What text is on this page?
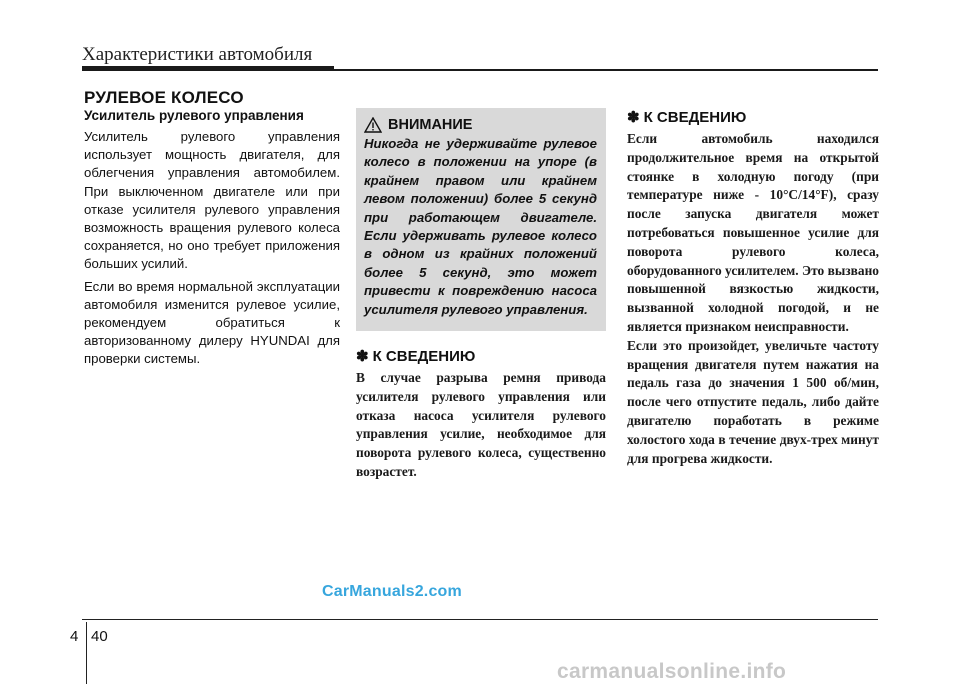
Характеристики автомобиля
РУЛЕВОЕ КОЛЕСО

Усилитель рулевого управления

Усилитель рулевого управления использует мощность двигателя, для облегчения управления автомобилем. При выключенном двигателе или при отказе усилителя рулевого управления возможность вращения рулевого колеса сохраняется, но оно требует приложения больших усилий.

Если во время нормальной эксплуатации автомобиля изменится рулевое усилие, рекомендуем обратиться к авторизованному дилеру HYUNDAI для проверки системы.

ВНИМАНИЕ

Никогда не удерживайте рулевое колесо в положении на упоре (в крайнем правом или крайнем левом положении) более 5 секунд при работающем двигателе. Если удерживать рулевое колесо в одном из крайних положений более 5 секунд, это может привести к повреждению насоса усилителя рулевого управления.

✽ К СВЕДЕНИЮ

В случае разрыва ремня привода усилителя рулевого управления или отказа насоса усилителя рулевого управления усилие, необходимое для поворота рулевого колеса, существенно возрастет.

✽ К СВЕДЕНИЮ

Если автомобиль находился продолжительное время на открытой стоянке в холодную погоду (при температуре ниже - 10°C/14°F), сразу после запуска двигателя может потребоваться повышенное усилие для поворота рулевого колеса, оборудованного усилителем. Это вызвано повышенной вязкостью жидкости, вызванной холодной погодой, и не является признаком неисправности.

Если это произойдет, увеличьте частоту вращения двигателя путем нажатия на педаль газа до значения 1 500 об/мин, после чего отпустите педаль, либо дайте двигателю поработать в режиме холостого хода в течение двух-трех минут для прогрева жидкости.

CarManuals2.com
4 40
carmanualsonline.info
